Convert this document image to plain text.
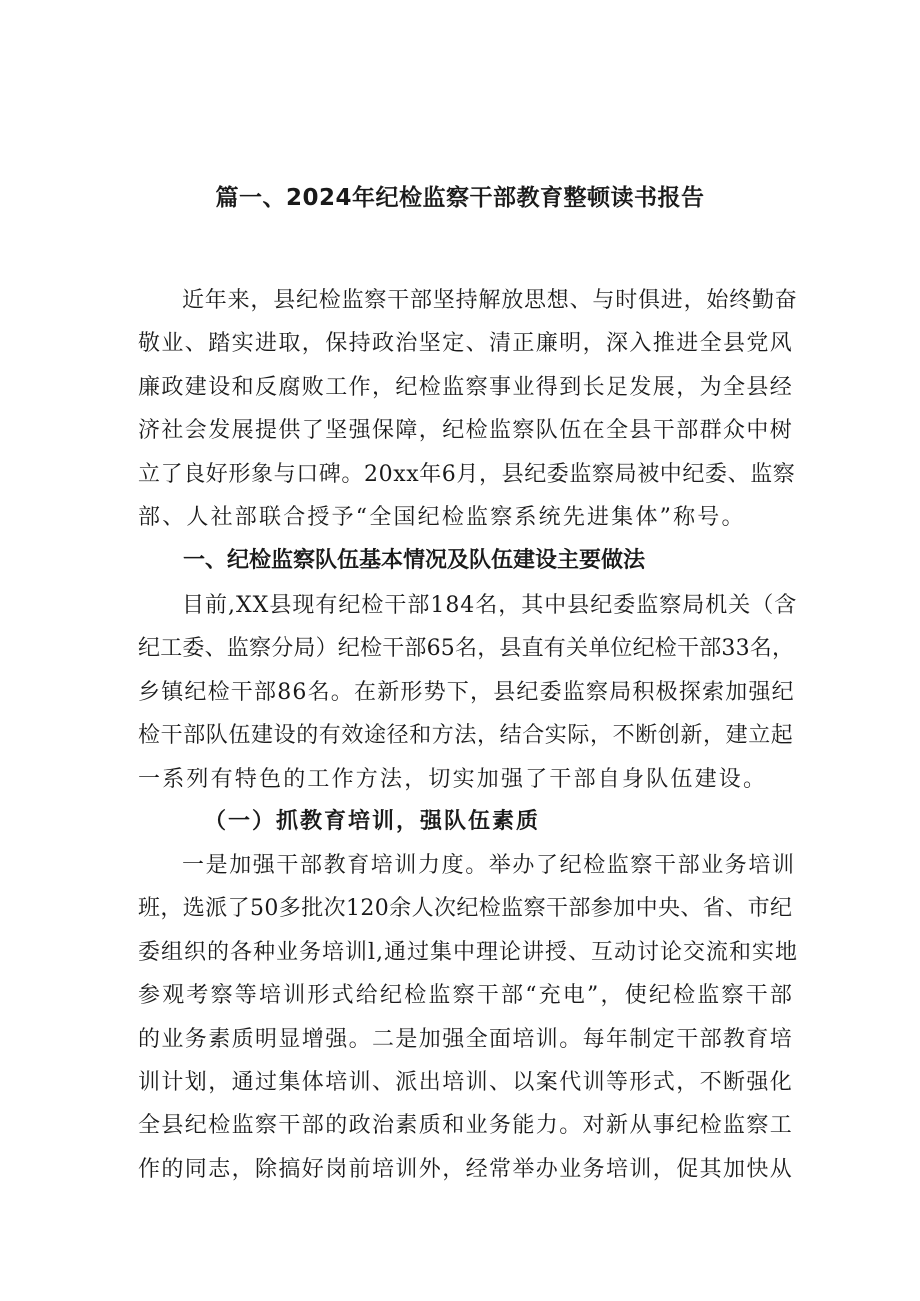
篇一、2024年纪检监察干部教育整顿读书报告

近年来，县纪检监察干部坚持解放思想、与时俱进，始终勤奋
敬业、踏实进取，保持政治坚定、清正廉明，深入推进全县党风
廉政建设和反腐败工作，纪检监察事业得到长足发展，为全县经
济社会发展提供了坚强保障，纪检监察队伍在全县干部群众中树
立了良好形象与口碑。20xx年6月，县纪委监察局被中纪委、监察
部、人社部联合授予“全国纪检监察系统先进集体”称号。

一、纪检监察队伍基本情况及队伍建设主要做法

目前,XX县现有纪检干部184名，其中县纪委监察局机关（含
纪工委、监察分局）纪检干部65名，县直有关单位纪检干部33名，
乡镇纪检干部86名。在新形势下，县纪委监察局积极探索加强纪
检干部队伍建设的有效途径和方法，结合实际，不断创新，建立起
一系列有特色的工作方法，切实加强了干部自身队伍建设。

（一）抓教育培训，强队伍素质

一是加强干部教育培训力度。举办了纪检监察干部业务培训
班，选派了50多批次120余人次纪检监察干部参加中央、省、市纪
委组织的各种业务培训l,通过集中理论讲授、互动讨论交流和实地
参观考察等培训形式给纪检监察干部“充电”，使纪检监察干部
的业务素质明显增强。二是加强全面培训。每年制定干部教育培
训计划，通过集体培训、派出培训、以案代训等形式，不断强化
全县纪检监察干部的政治素质和业务能力。对新从事纪检监察工
作的同志，除搞好岗前培训外，经常举办业务培训，促其加快从
